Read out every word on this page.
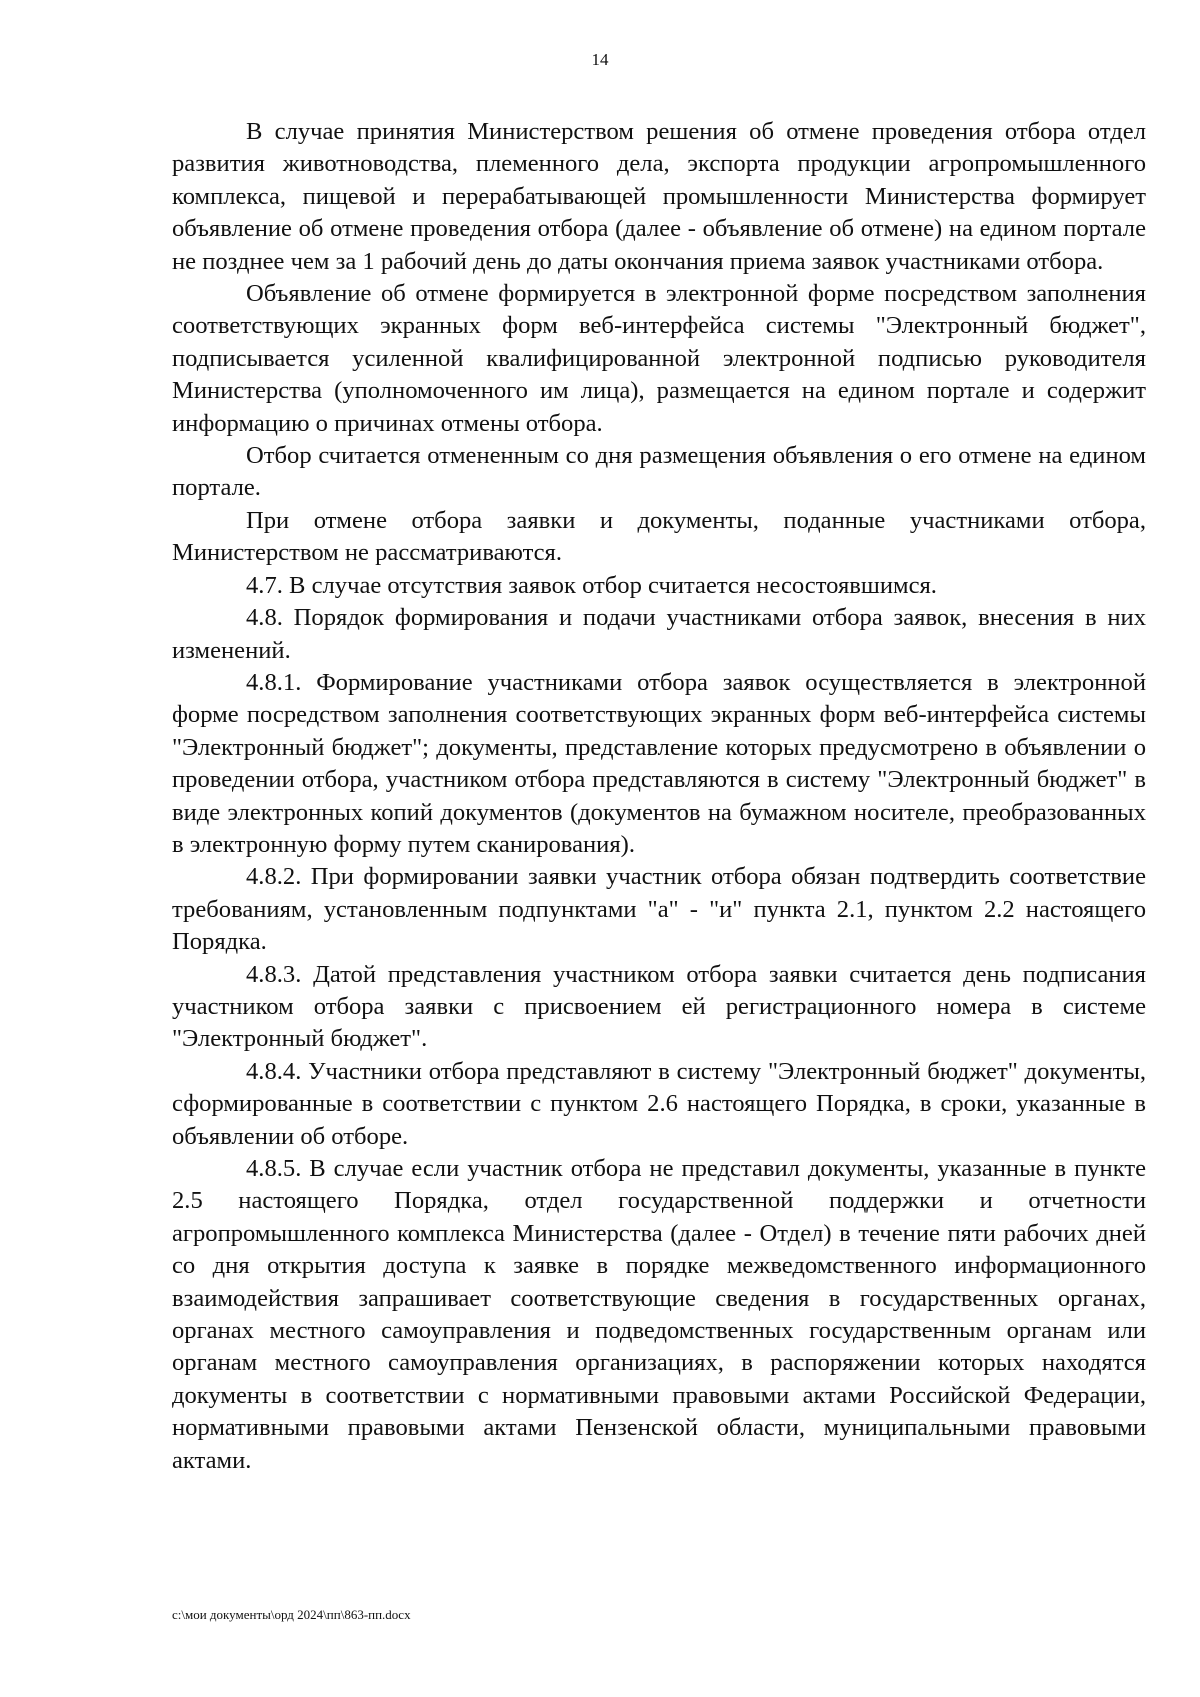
14

В случае принятия Министерством решения об отмене проведения отбора отдел развития животноводства, племенного дела, экспорта продукции агропромышленного комплекса, пищевой и перерабатывающей промышленности Министерства формирует объявление об отмене проведения отбора (далее - объявление об отмене) на едином портале не позднее чем за 1 рабочий день до даты окончания приема заявок участниками отбора.

Объявление об отмене формируется в электронной форме посредством заполнения соответствующих экранных форм веб-интерфейса системы "Электронный бюджет", подписывается усиленной квалифицированной электронной подписью руководителя Министерства (уполномоченного им лица), размещается на едином портале и содержит информацию о причинах отмены отбора.

Отбор считается отмененным со дня размещения объявления о его отмене на едином портале.

При отмене отбора заявки и документы, поданные участниками отбора, Министерством не рассматриваются.

4.7. В случае отсутствия заявок отбор считается несостоявшимся.

4.8. Порядок формирования и подачи участниками отбора заявок, внесения в них изменений.

4.8.1. Формирование участниками отбора заявок осуществляется в электронной форме посредством заполнения соответствующих экранных форм веб-интерфейса системы "Электронный бюджет"; документы, представление которых предусмотрено в объявлении о проведении отбора, участником отбора представляются в систему "Электронный бюджет" в виде электронных копий документов (документов на бумажном носителе, преобразованных в электронную форму путем сканирования).

4.8.2. При формировании заявки участник отбора обязан подтвердить соответствие требованиям, установленным подпунктами "а" - "и" пункта 2.1, пунктом 2.2 настоящего Порядка.

4.8.3. Датой представления участником отбора заявки считается день подписания участником отбора заявки с присвоением ей регистрационного номера в системе "Электронный бюджет".

4.8.4. Участники отбора представляют в систему "Электронный бюджет" документы, сформированные в соответствии с пунктом 2.6 настоящего Порядка, в сроки, указанные в объявлении об отборе.

4.8.5. В случае если участник отбора не представил документы, указанные в пункте 2.5 настоящего Порядка, отдел государственной поддержки и отчетности агропромышленного комплекса Министерства (далее - Отдел) в течение пяти рабочих дней со дня открытия доступа к заявке в порядке межведомственного информационного взаимодействия запрашивает соответствующие сведения в государственных органах, органах местного самоуправления и подведомственных государственным органам или органам местного самоуправления организациях, в распоряжении которых находятся документы в соответствии с нормативными правовыми актами Российской Федерации, нормативными правовыми актами Пензенской области, муниципальными правовыми актами.

c:\мои документы\орд 2024\пп\863-пп.docx
